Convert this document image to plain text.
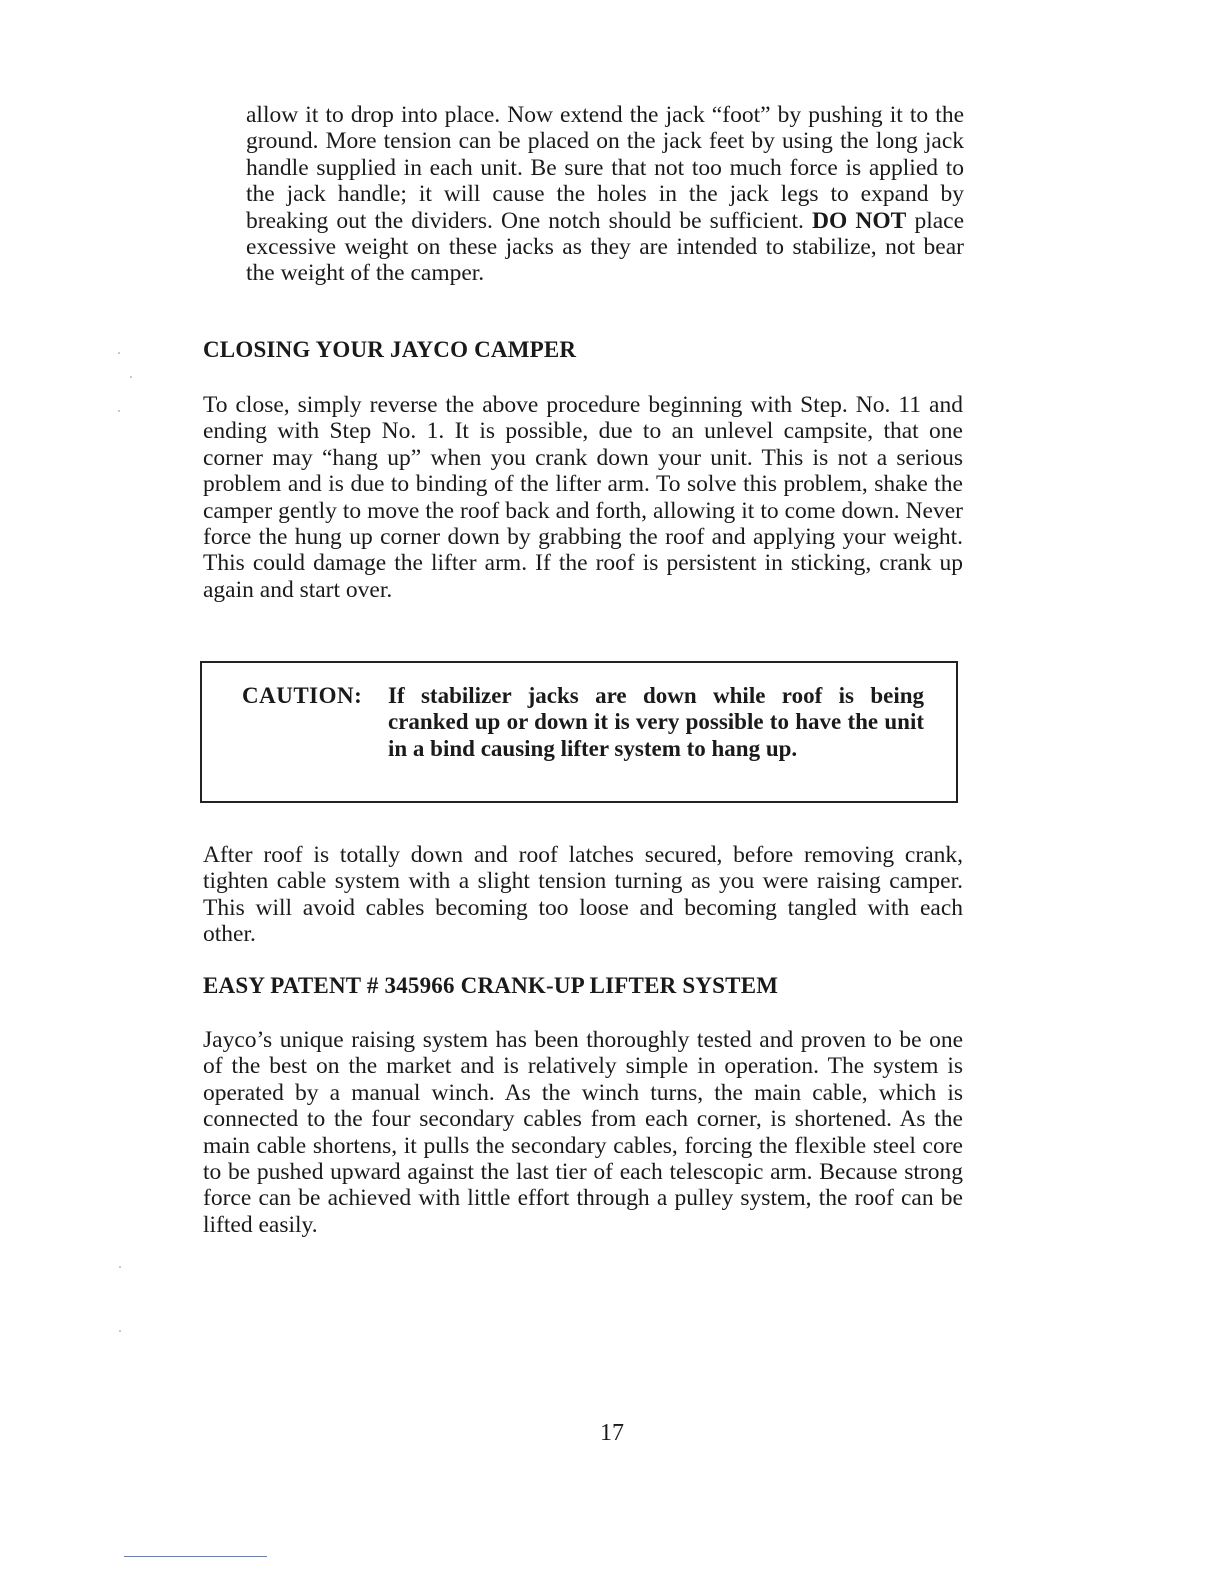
allow it to drop into place. Now extend the jack “foot” by pushing it to the ground. More tension can be placed on the jack feet by using the long jack handle supplied in each unit. Be sure that not too much force is applied to the jack handle; it will cause the holes in the jack legs to expand by breaking out the dividers. One notch should be sufficient. DO NOT place excessive weight on these jacks as they are intended to stabilize, not bear the weight of the camper.

CLOSING YOUR JAYCO CAMPER

To close, simply reverse the above procedure beginning with Step. No. 11 and ending with Step No. 1. It is possible, due to an unlevel campsite, that one corner may “hang up” when you crank down your unit. This is not a serious problem and is due to binding of the lifter arm. To solve this problem, shake the camper gently to move the roof back and forth, allowing it to come down. Never force the hung up corner down by grabbing the roof and applying your weight. This could damage the lifter arm. If the roof is persistent in sticking, crank up again and start over.

CAUTION: If stabilizer jacks are down while roof is being cranked up or down it is very possible to have the unit in a bind causing lifter system to hang up.

After roof is totally down and roof latches secured, before removing crank, tighten cable system with a slight tension turning as you were raising camper. This will avoid cables becoming too loose and becoming tangled with each other.

EASY PATENT # 345966 CRANK-UP LIFTER SYSTEM

Jayco’s unique raising system has been thoroughly tested and proven to be one of the best on the market and is relatively simple in operation. The system is operated by a manual winch. As the winch turns, the main cable, which is connected to the four secondary cables from each corner, is shortened. As the main cable shortens, it pulls the secondary cables, forcing the flexible steel core to be pushed upward against the last tier of each telescopic arm. Because strong force can be achieved with little effort through a pulley system, the roof can be lifted easily.

17
